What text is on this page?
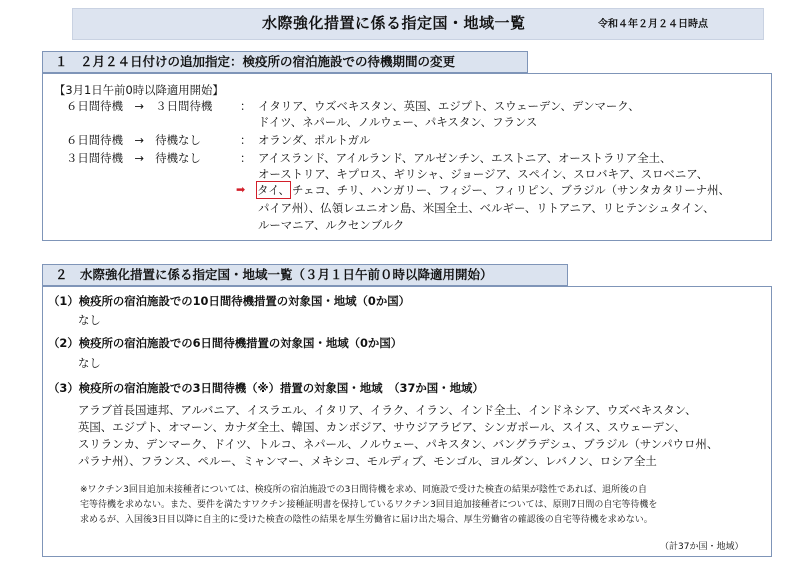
水際強化措置に係る指定国・地域一覧	令和４年２月２４日時点
１　２月２４日付けの追加指定：検疫所の宿泊施設での待機期間の変更
【3月1日午前0時以降適用開始】
６日間待機　→　３日間待機 ： イタリア、ウズベキスタン、英国、エジプト、スウェーデン、デンマーク、
ドイツ、ネパール、ノルウェー、パキスタン、フランス
６日間待機　→　待機なし	： オランダ、ポルトガル
３日間待機　→　待機なし	： アイスランド、アイルランド、アルゼンチン、エストニア、オーストラリア全土、
オーストリア、キプロス、ギリシャ、ジョージア、スペイン、スロバキア、スロベニア、
➡ タイ、 チェコ、チリ、ハンガリー、フィジー、フィリピン、ブラジル（サンタカタリーナ州、
パイア州）、仏領レユニオン島、米国全土、ベルギー、リトアニア、リヒテンシュタイン、
ルーマニア、ルクセンブルク
２　水際強化措置に係る指定国・地域一覧（３月１日午前０時以降適用開始）
（1）検疫所の宿泊施設での10日間待機措置の対象国・地域（0か国）
なし
（2）検疫所の宿泊施設での6日間待機措置の対象国・地域（0か国）
なし
（3）検疫所の宿泊施設での3日間待機（※）措置の対象国・地域　（37か国・地域）
アラブ首長国連邦、アルバニア、イスラエル、イタリア、イラク、イラン、インド全土、インドネシア、ウズベキスタン、
英国、エジプト、オマーン、カナダ全土、韓国、カンボジア、サウジアラビア、シンガポール、スイス、スウェーデン、
スリランカ、デンマーク、ドイツ、トルコ、ネパール、ノルウェー、パキスタン、バングラデシュ、ブラジル（サンパウロ州、
パラナ州）、フランス、ペルー、ミャンマー、メキシコ、モルディブ、モンゴル、ヨルダン、レバノン、ロシア全土
※ワクチン3回目追加未接種者については、検疫所の宿泊施設での3日間待機を求め、同施設で受けた検査の結果が陰性であれば、退所後の自
宅等待機を求めない。また、要件を満たすワクチン接種証明書を保持しているワクチン3回目追加接種者については、原則7日間の自宅等待機を
求めるが、入国後3日目以降に自主的に受けた検査の陰性の結果を厚生労働省に届け出た場合、厚生労働省の確認後の自宅等待機を求めない。
（計37か国・地域）
